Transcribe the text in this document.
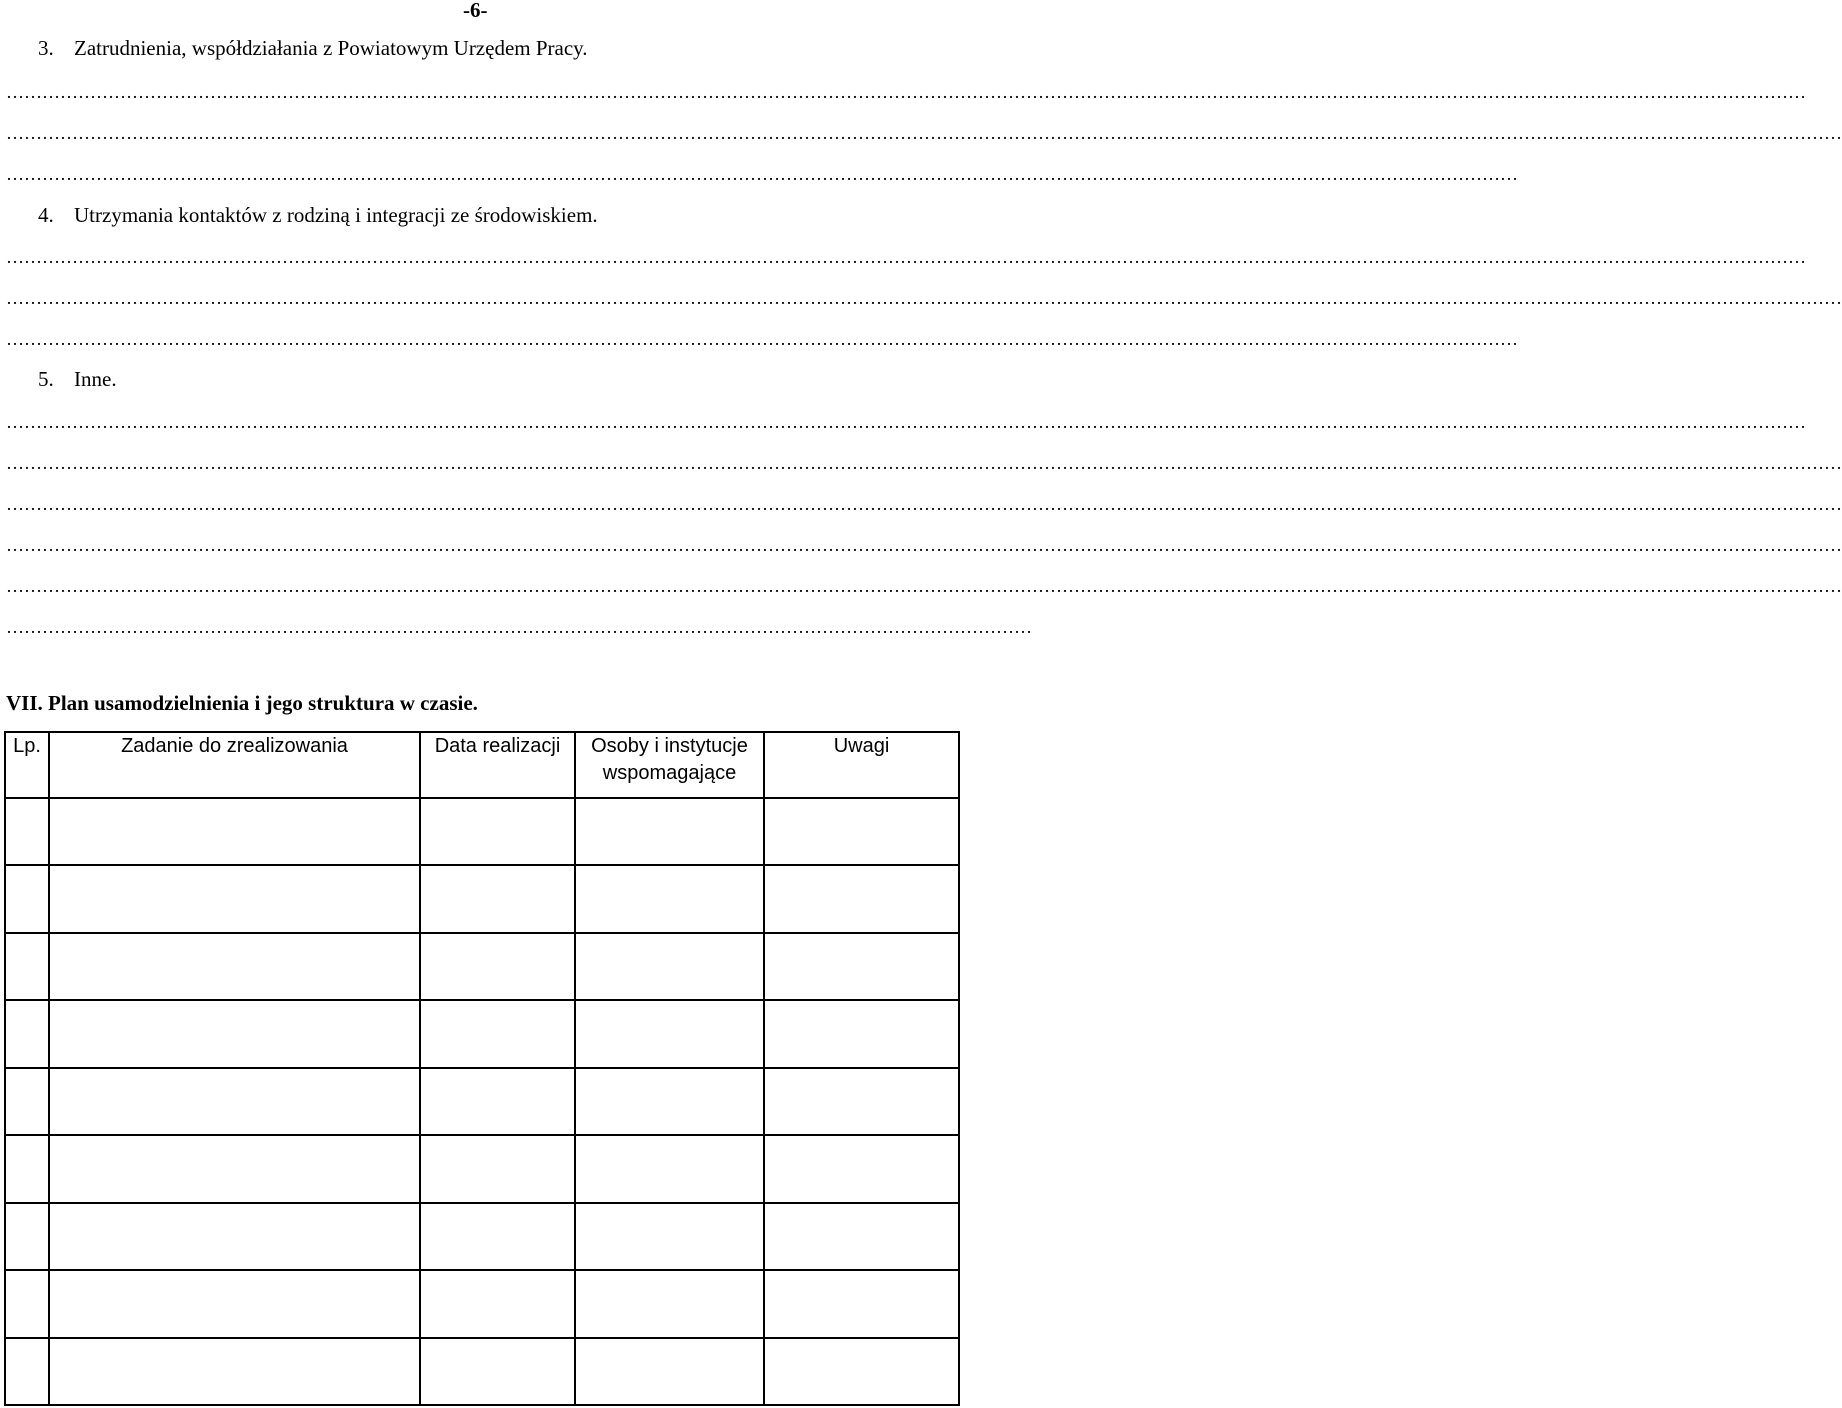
-6-
3. Zatrudnienia, współdziałania z Powiatowym Urzędem Pracy.
…………………………………………………………………………………………………………………………………………………………………………………………………………………………………………………………………………
………………………………………………………………………………………………………………………………………………………………………………………………………………………………………………………………………………
………………………………………………………………………………………………………………………………………………………………………………………………………………………………
4. Utrzymania kontaktów z rodziną i integracji ze środowiskiem.
…………………………………………………………………………………………………………………………………………………………………………………………………………………………………………………………………………
………………………………………………………………………………………………………………………………………………………………………………………………………………………………………………………………………………
………………………………………………………………………………………………………………………………………………………………………………………………………………………………
5. Inne.
…………………………………………………………………………………………………………………………………………………………………………………………………………………………………………………………………………
………………………………………………………………………………………………………………………………………………………………………………………………………………………………………………………………………………
………………………………………………………………………………………………………………………………………………………………………………………………………………………………………………………………………………
………………………………………………………………………………………………………………………………………………………………………………………………………………………………………………………………………………
………………………………………………………………………………………………………………………………………………………………………………………………………………………………………………………………………………
………………………………………………………………………………………………………………………………………………………
VII. Plan usamodzielnienia i jego struktura w czasie.
Lp.	Zadanie do zrealizowania	Data realizacji	Osoby i instytucje wspomagające	Uwagi
